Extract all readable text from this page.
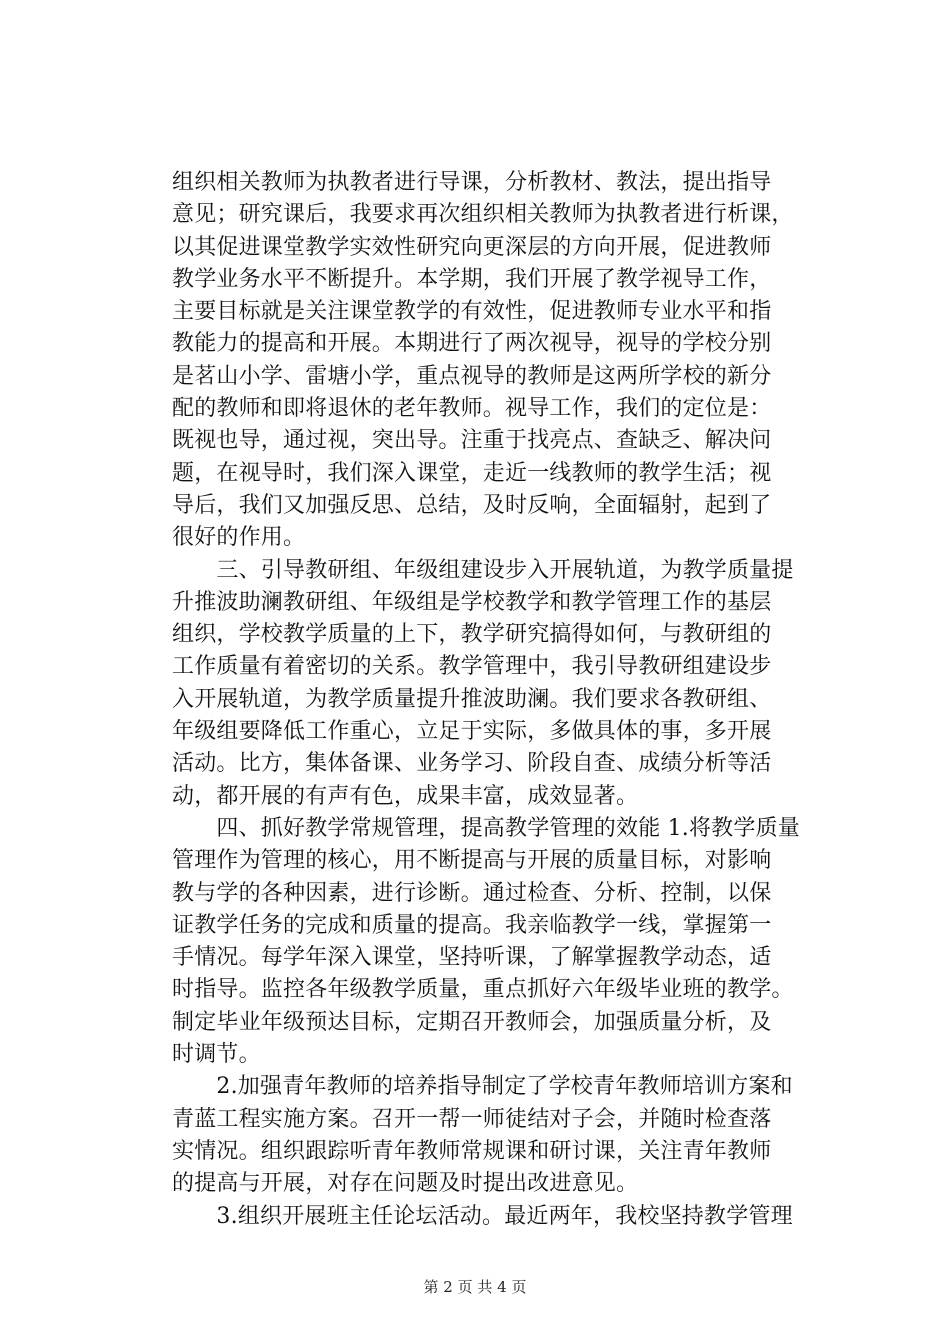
组织相关教师为执教者进行导课，分析教材、教法，提出指导
意见；研究课后，我要求再次组织相关教师为执教者进行析课，
以其促进课堂教学实效性研究向更深层的方向开展，促进教师
教学业务水平不断提升。本学期，我们开展了教学视导工作，
主要目标就是关注课堂教学的有效性，促进教师专业水平和指
教能力的提高和开展。本期进行了两次视导，视导的学校分别
是茗山小学、雷塘小学，重点视导的教师是这两所学校的新分
配的教师和即将退休的老年教师。视导工作，我们的定位是：
既视也导，通过视，突出导。注重于找亮点、查缺乏、解决问
题，在视导时，我们深入课堂，走近一线教师的教学生活；视
导后，我们又加强反思、总结，及时反响，全面辐射，起到了
很好的作用。
　　三、引导教研组、年级组建设步入开展轨道，为教学质量提
升推波助澜教研组、年级组是学校教学和教学管理工作的基层
组织，学校教学质量的上下，教学研究搞得如何，与教研组的
工作质量有着密切的关系。教学管理中，我引导教研组建设步
入开展轨道，为教学质量提升推波助澜。我们要求各教研组、
年级组要降低工作重心，立足于实际，多做具体的事，多开展
活动。比方，集体备课、业务学习、阶段自查、成绩分析等活
动，都开展的有声有色，成果丰富，成效显著。
　　四、抓好教学常规管理，提高教学管理的效能 1.将教学质量
管理作为管理的核心，用不断提高与开展的质量目标，对影响
教与学的各种因素，进行诊断。通过检查、分析、控制，以保
证教学任务的完成和质量的提高。我亲临教学一线，掌握第一
手情况。每学年深入课堂，坚持听课，了解掌握教学动态，适
时指导。监控各年级教学质量，重点抓好六年级毕业班的教学。
制定毕业年级预达目标，定期召开教师会，加强质量分析，及
时调节。
　　2.加强青年教师的培养指导制定了学校青年教师培训方案和
青蓝工程实施方案。召开一帮一师徒结对子会，并随时检查落
实情况。组织跟踪听青年教师常规课和研讨课，关注青年教师
的提高与开展，对存在问题及时提出改进意见。
　　3.组织开展班主任论坛活动。最近两年，我校坚持教学管理
第 2 页 共 4 页
